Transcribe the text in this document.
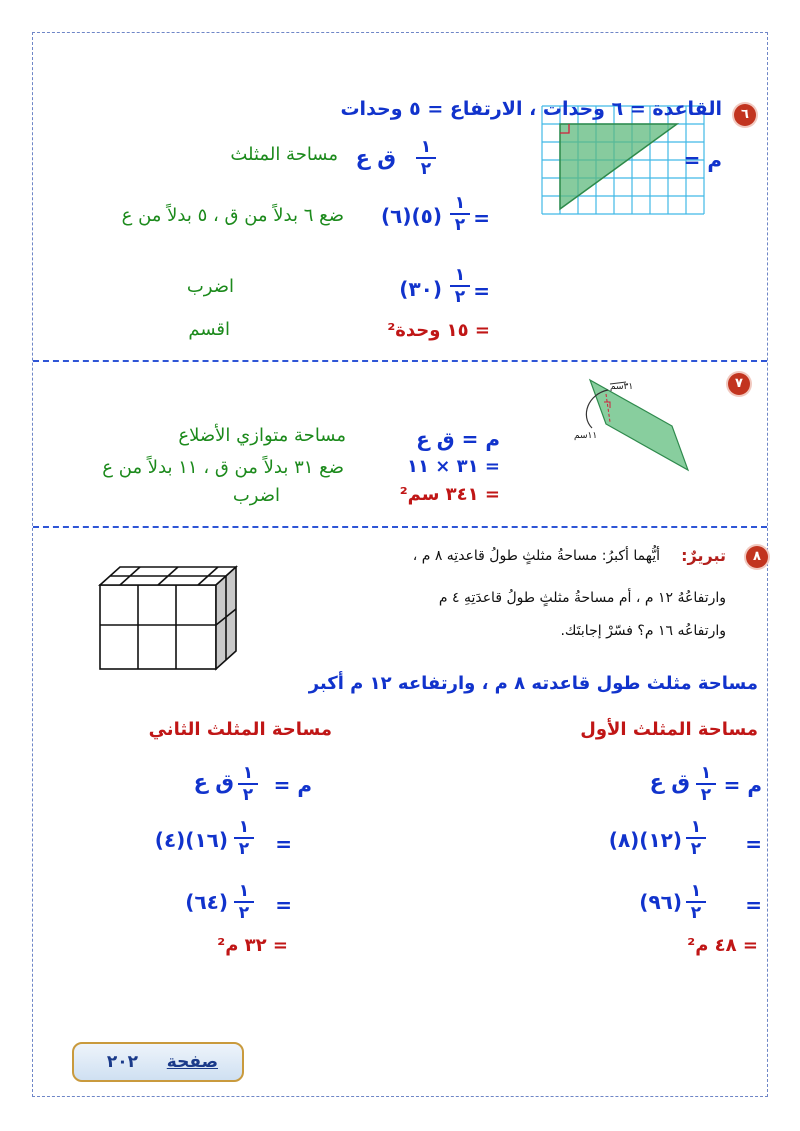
٦
القاعدة = ٦ وحدات ، الارتفاع = ٥ وحدات
م =
١
٢
ق ع
مساحة المثلث
=
١
٢
(٦)(٥)
ضع ٦ بدلاً من ق ، ٥ بدلاً من ع
=
١
٢
(٣٠)
اضرب
= ١٥ وحدة²
اقسم
٧
٣١سم
١١سم
م = ق ع
مساحة متوازي الأضلاع
= ٣١ × ١١
ضع ٣١ بدلاً من ق ، ١١ بدلاً من ع
= ٣٤١ سم²
اضرب
٨
تبريرٌ:
أيُّهما أكبرُ: مساحةُ مثلثٍ طولُ قاعدتِه ٨ م ،
وارتفاعُهُ ١٢ م ، أم مساحةُ مثلثٍ طولُ قاعدَتِهِ ٤ م
وارتفاعُه ١٦ م؟ فسّرْ إجابتَك.
مساحة مثلث طول قاعدته ٨ م ، وارتفاعه ١٢ م أكبر
مساحة المثلث الأول
م =
١
٢
ق ع
=
١
٢
(٨)(١٢)
=
١
٢
(٩٦)
= ٤٨ م²
مساحة المثلث الثاني
م =
١
٢
ق ع
=
١
٢
(٤)(١٦)
=
١
٢
(٦٤)
= ٣٢ م²
صفحة
٢٠٢
